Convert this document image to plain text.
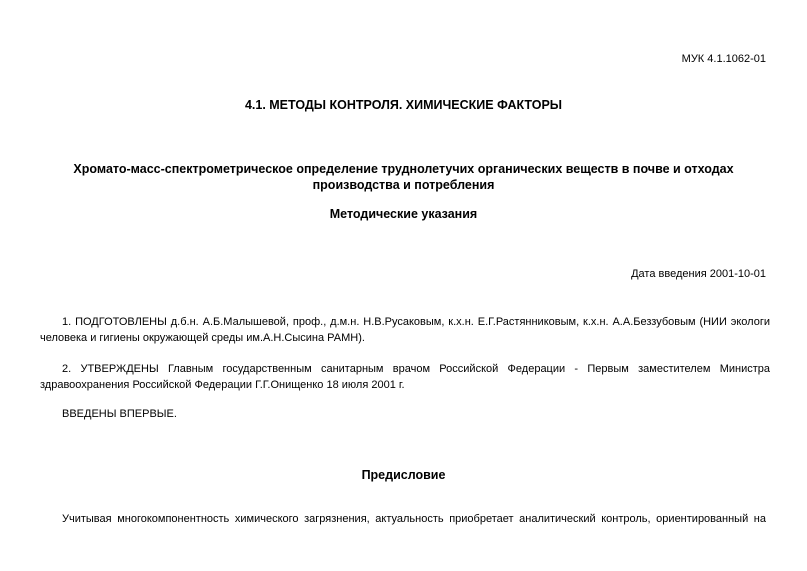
МУК 4.1.1062-01
4.1. МЕТОДЫ КОНТРОЛЯ. ХИМИЧЕСКИЕ ФАКТОРЫ
Хромато-масс-спектрометрическое определение труднолетучих органических веществ в почве и отходах
производства и потребления
Методические указания
Дата введения 2001-10-01
1. ПОДГОТОВЛЕНЫ д.б.н. А.Б.Малышевой, проф., д.м.н. Н.В.Русаковым, к.х.н. Е.Г.Растянниковым, к.х.н. А.А.Беззубовым (НИИ экологи
человека и гигиены окружающей среды им.А.Н.Сысина РАМН).
2. УТВЕРЖДЕНЫ Главным государственным санитарным врачом Российской Федерации - Первым заместителем Министра
здравоохранения Российской Федерации Г.Г.Онищенко 18 июля 2001 г.
ВВЕДЕНЫ ВПЕРВЫЕ.
Предисловие
Учитывая многокомпонентность химического загрязнения, актуальность приобретает аналитический контроль, ориентированный на
